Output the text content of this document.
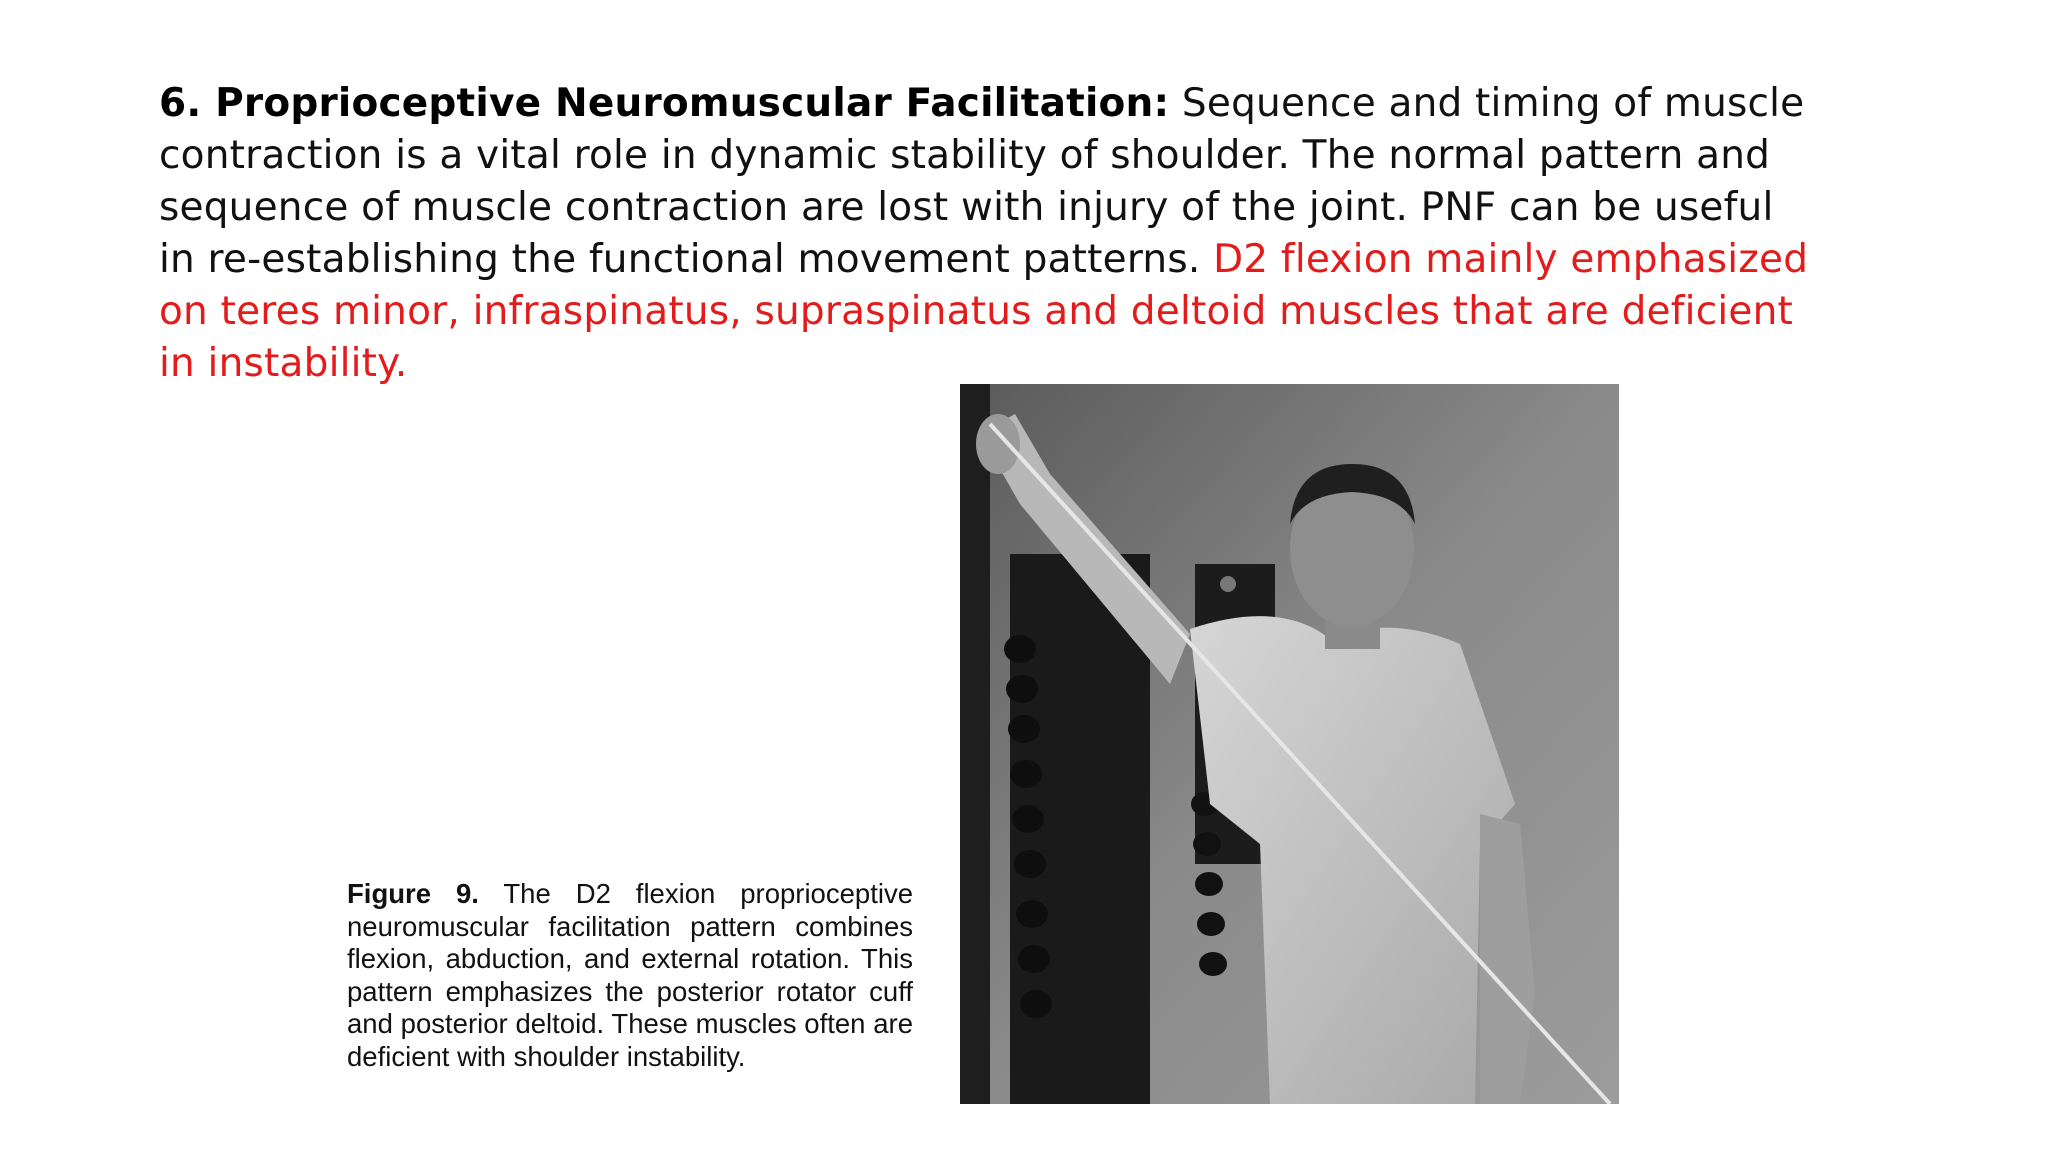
6. Proprioceptive Neuromuscular Facilitation: Sequence and timing of muscle contraction is a vital role in dynamic stability of shoulder. The normal pattern and sequence of muscle contraction are lost with injury of the joint. PNF can be useful in re-establishing the functional movement patterns. D2 flexion mainly emphasized on teres minor, infraspinatus, supraspinatus and deltoid muscles that are deficient in instability.
Figure 9. The D2 flexion proprioceptive neuromuscular facilitation pattern combines flexion, abduction, and external rotation. This pattern emphasizes the posterior rotator cuff and posterior deltoid. These muscles often are deficient with shoulder instability.
